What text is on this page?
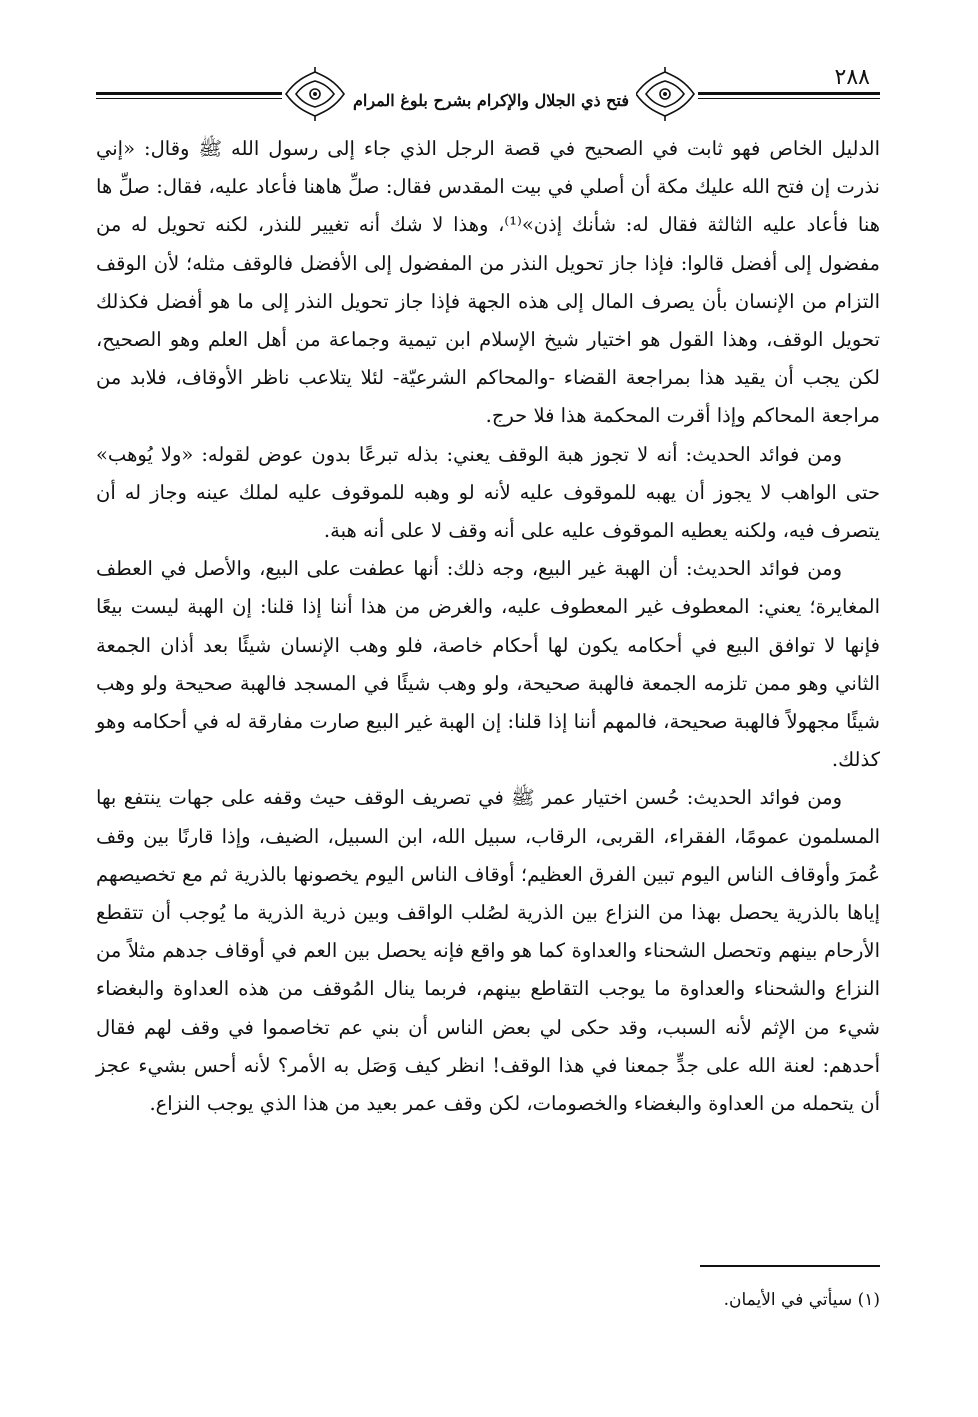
فتح ذي الجلال والإكرام بشرح بلوغ المرام
٢٨٨

الدليل الخاص فهو ثابت في الصحيح في قصة الرجل الذي جاء إلى رسول الله ﷺ وقال: «إني نذرت إن فتح الله عليك مكة أن أصلي في بيت المقدس فقال: صلِّ هاهنا فأعاد عليه، فقال: صلِّ ها هنا فأعاد عليه الثالثة فقال له: شأنك إذن»⁽¹⁾، وهذا لا شك أنه تغيير للنذر، لكنه تحويل له من مفضول إلى أفضل قالوا: فإذا جاز تحويل النذر من المفضول إلى الأفضل فالوقف مثله؛ لأن الوقف التزام من الإنسان بأن يصرف المال إلى هذه الجهة فإذا جاز تحويل النذر إلى ما هو أفضل فكذلك تحويل الوقف، وهذا القول هو اختيار شيخ الإسلام ابن تيمية وجماعة من أهل العلم وهو الصحيح، لكن يجب أن يقيد هذا بمراجعة القضاء -والمحاكم الشرعيّة- لئلا يتلاعب ناظر الأوقاف، فلابد من مراجعة المحاكم وإذا أقرت المحكمة هذا فلا حرج.

ومن فوائد الحديث: أنه لا تجوز هبة الوقف يعني: بذله تبرعًا بدون عوض لقوله: «ولا يُوهب» حتى الواهب لا يجوز أن يهبه للموقوف عليه لأنه لو وهبه للموقوف عليه لملك عينه وجاز له أن يتصرف فيه، ولكنه يعطيه الموقوف عليه على أنه وقف لا على أنه هبة.

ومن فوائد الحديث: أن الهبة غير البيع، وجه ذلك: أنها عطفت على البيع، والأصل في العطف المغايرة؛ يعني: المعطوف غير المعطوف عليه، والغرض من هذا أننا إذا قلنا: إن الهبة ليست بيعًا فإنها لا توافق البيع في أحكامه يكون لها أحكام خاصة، فلو وهب الإنسان شيئًا بعد أذان الجمعة الثاني وهو ممن تلزمه الجمعة فالهبة صحيحة، ولو وهب شيئًا في المسجد فالهبة صحيحة ولو وهب شيئًا مجهولاً فالهبة صحيحة، فالمهم أننا إذا قلنا: إن الهبة غير البيع صارت مفارقة له في أحكامه وهو كذلك.

ومن فوائد الحديث: حُسن اختيار عمر ﷺ في تصريف الوقف حيث وقفه على جهات ينتفع بها المسلمون عمومًا، الفقراء، القربى، الرقاب، سبيل الله، ابن السبيل، الضيف، وإذا قارنًا بين وقف عُمرَ وأوقاف الناس اليوم تبين الفرق العظيم؛ أوقاف الناس اليوم يخصونها بالذرية ثم مع تخصيصهم إياها بالذرية يحصل بهذا من النزاع بين الذرية لصُلب الواقف وبين ذرية الذرية ما يُوجب أن تتقطع الأرحام بينهم وتحصل الشحناء والعداوة كما هو واقع فإنه يحصل بين العم في أوقاف جدهم مثلاً من النزاع والشحناء والعداوة ما يوجب التقاطع بينهم، فربما ينال المُوقف من هذه العداوة والبغضاء شيء من الإثم لأنه السبب، وقد حكى لي بعض الناس أن بني عم تخاصموا في وقف لهم فقال أحدهم: لعنة الله على جدٍّ جمعنا في هذا الوقف! انظر كيف وَصَل به الأمر؟ لأنه أحس بشيء عجز أن يتحمله من العداوة والبغضاء والخصومات، لكن وقف عمر بعيد من هذا الذي يوجب النزاع.

(١) سيأتي في الأيمان.
